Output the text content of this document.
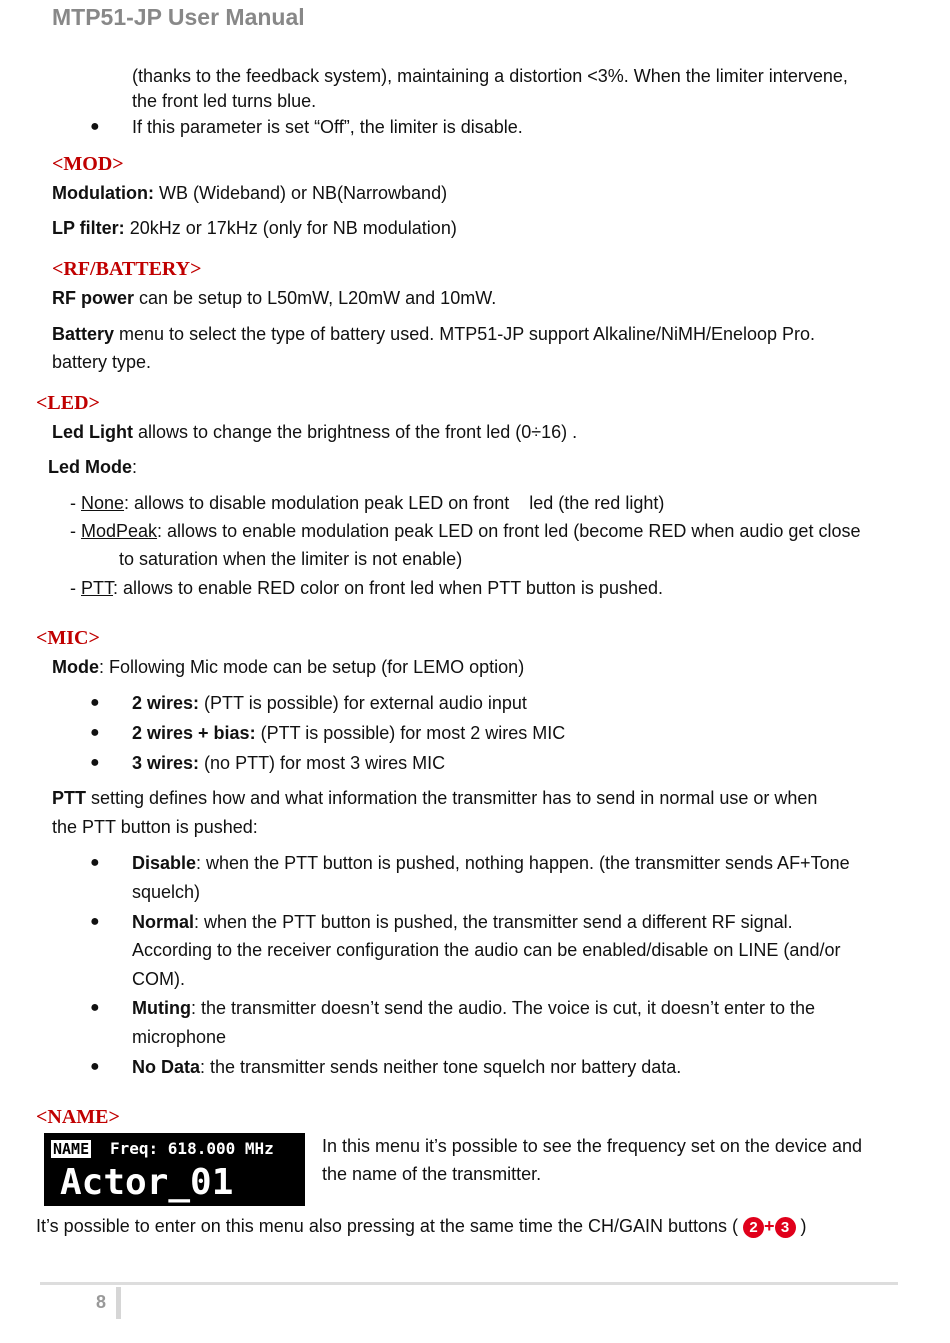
MTP51-JP User Manual
(thanks to the feedback system), maintaining a distortion <3%. When the limiter intervene,
the front led turns blue.
● If this parameter is set “Off”, the limiter is disable.
<MOD>
Modulation: WB (Wideband) or NB(Narrowband)
LP filter: 20kHz or 17kHz (only for NB modulation)
<RF/BATTERY>
RF power can be setup to L50mW, L20mW and 10mW.
Battery menu to select the type of battery used. MTP51-JP support Alkaline/NiMH/Eneloop Pro.
battery type.
<LED>
Led Light allows to change the brightness of the front led (0÷16) .
Led Mode:
- None: allows to disable modulation peak LED on front    led (the red light)
- ModPeak: allows to enable modulation peak LED on front led (become RED when audio get close
to saturation when the limiter is not enable)
- PTT: allows to enable RED color on front led when PTT button is pushed.
<MIC>
Mode: Following Mic mode can be setup (for LEMO option)
● 2 wires: (PTT is possible) for external audio input
● 2 wires + bias: (PTT is possible) for most 2 wires MIC
● 3 wires: (no PTT) for most 3 wires MIC
PTT setting defines how and what information the transmitter has to send in normal use or when
the PTT button is pushed:
● Disable: when the PTT button is pushed, nothing happen. (the transmitter sends AF+Tone
squelch)
● Normal: when the PTT button is pushed, the transmitter send a different RF signal.
According to the receiver configuration the audio can be enabled/disable on LINE (and/or
COM).
● Muting: the transmitter doesn’t send the audio. The voice is cut, it doesn’t enter to the
microphone
● No Data: the transmitter sends neither tone squelch nor battery data.
<NAME>
NAME Freq: 618.000 MHz
Actor_01
In this menu it’s possible to see the frequency set on the device and
the name of the transmitter.
It’s possible to enter on this menu also pressing at the same time the CH/GAIN buttons ( 2 + 3 )
8
